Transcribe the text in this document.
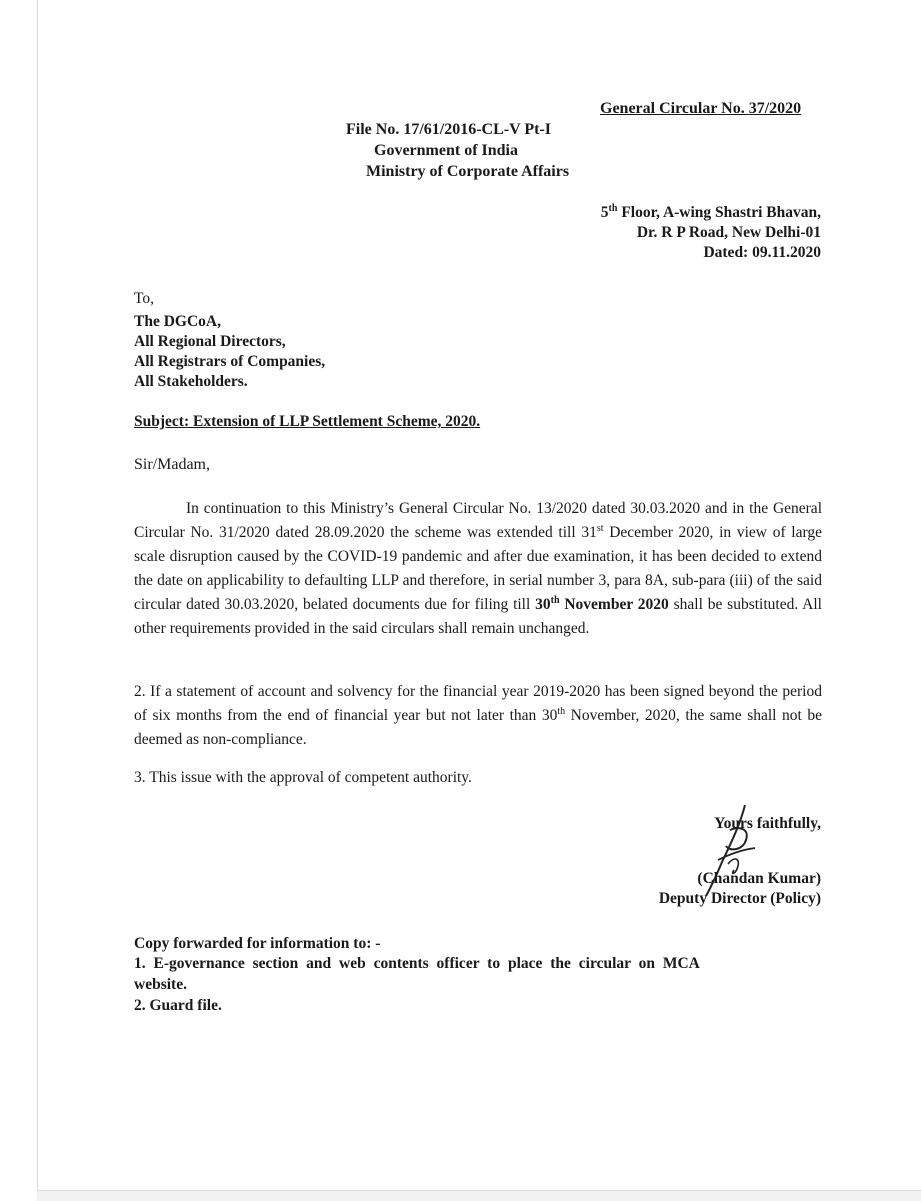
General Circular No. 37/2020
File No. 17/61/2016-CL-V Pt-I
Government of India
Ministry of Corporate Affairs
5th Floor, A-wing Shastri Bhavan,
Dr. R P Road, New Delhi-01
Dated: 09.11.2020
To,
The DGCoA,
All Regional Directors,
All Registrars of Companies,
All Stakeholders.
Subject: Extension of LLP Settlement Scheme, 2020.
Sir/Madam,
In continuation to this Ministry’s General Circular No. 13/2020 dated 30.03.2020 and in the General Circular No. 31/2020 dated 28.09.2020 the scheme was extended till 31st December 2020, in view of large scale disruption caused by the COVID-19 pandemic and after due examination, it has been decided to extend the date on applicability to defaulting LLP and therefore, in serial number 3, para 8A, sub-para (iii) of the said circular dated 30.03.2020, belated documents due for filing till 30th November 2020 shall be substituted. All other requirements provided in the said circulars shall remain unchanged.
2. If a statement of account and solvency for the financial year 2019-2020 has been signed beyond the period of six months from the end of financial year but not later than 30th November, 2020, the same shall not be deemed as non-compliance.
3. This issue with the approval of competent authority.
Yours faithfully,
(Chandan Kumar)
Deputy Director (Policy)
Copy forwarded for information to: -
1. E-governance section and web contents officer to place the circular on MCA
website.
2. Guard file.
